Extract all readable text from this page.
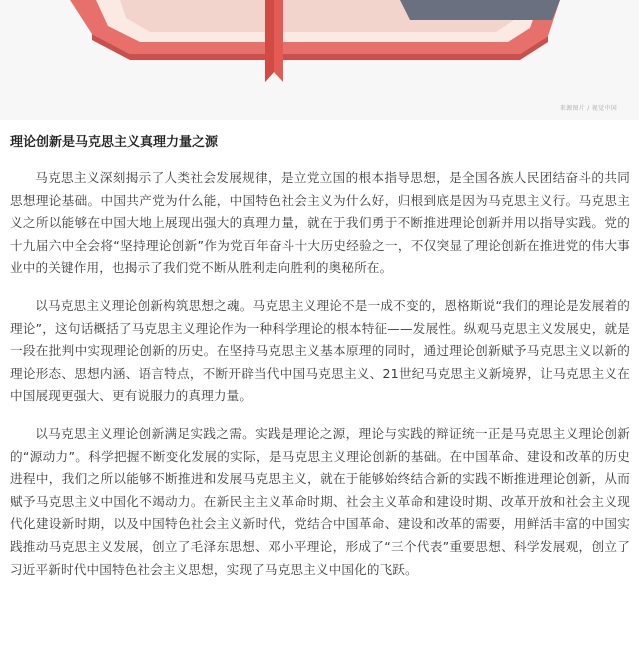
来源图片 / 视觉中国
理论创新是马克思主义真理力量之源

马克思主义深刻揭示了人类社会发展规律，是立党立国的根本指导思想，是全国各族人民团结奋斗的共同思想理论基础。中国共产党为什么能，中国特色社会主义为什么好，归根到底是因为马克思主义行。马克思主义之所以能够在中国大地上展现出强大的真理力量，就在于我们勇于不断推进理论创新并用以指导实践。党的十九届六中全会将“坚持理论创新”作为党百年奋斗十大历史经验之一，不仅突显了理论创新在推进党的伟大事业中的关键作用，也揭示了我们党不断从胜利走向胜利的奥秘所在。

以马克思主义理论创新构筑思想之魂。马克思主义理论不是一成不变的，恩格斯说“我们的理论是发展着的理论”，这句话概括了马克思主义理论作为一种科学理论的根本特征——发展性。纵观马克思主义发展史，就是一段在批判中实现理论创新的历史。在坚持马克思主义基本原理的同时，通过理论创新赋予马克思主义以新的理论形态、思想内涵、语言特点，不断开辟当代中国马克思主义、21世纪马克思主义新境界，让马克思主义在中国展现更强大、更有说服力的真理力量。

以马克思主义理论创新满足实践之需。实践是理论之源，理论与实践的辩证统一正是马克思主义理论创新的“源动力”。科学把握不断变化发展的实际，是马克思主义理论创新的基础。在中国革命、建设和改革的历史进程中，我们之所以能够不断推进和发展马克思主义，就在于能够始终结合新的实践不断推进理论创新，从而赋予马克思主义中国化不竭动力。在新民主主义革命时期、社会主义革命和建设时期、改革开放和社会主义现代化建设新时期，以及中国特色社会主义新时代，党结合中国革命、建设和改革的需要，用鲜活丰富的中国实践推动马克思主义发展，创立了毛泽东思想、邓小平理论，形成了“三个代表”重要思想、科学发展观，创立了习近平新时代中国特色社会主义思想，实现了马克思主义中国化的飞跃。
